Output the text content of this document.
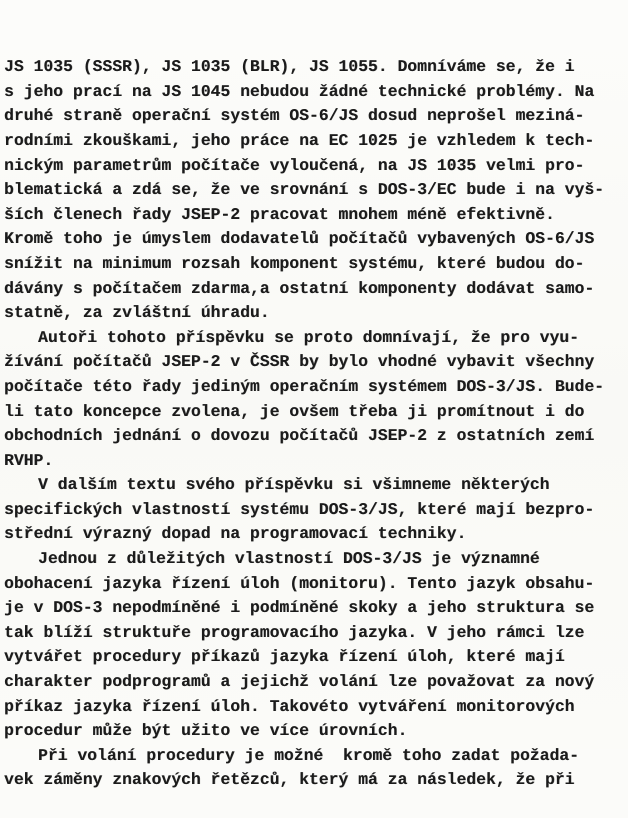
JS 1035 (SSSR), JS 1035 (BLR), JS 1055. Domníváme se, že i
s jeho prací na JS 1045 nebudou žádné technické problémy. Na
druhé straně operační systém OS-6/JS dosud neprošel meziná-
rodními zkouškami, jeho práce na EC 1025 je vzhledem k tech-
nickým parametrům počítače vyloučená, na JS 1035 velmi pro-
blematická a zdá se, že ve srovnání s DOS-3/EC bude i na vyš-
ších členech řady JSEP-2 pracovat mnohem méně efektivně.
Kromě toho je úmyslem dodavatelů počítačů vybavených OS-6/JS
snížit na minimum rozsah komponent systému, které budou do-
dávány s počítačem zdarma,a ostatní komponenty dodávat samo-
statně, za zvláštní úhradu.
Autoři tohoto příspěvku se proto domnívají, že pro vyu-
žívání počítačů JSEP-2 v ČSSR by bylo vhodné vybavit všechny
počítače této řady jediným operačním systémem DOS-3/JS. Bude-
li tato koncepce zvolena, je ovšem třeba ji promítnout i do
obchodních jednání o dovozu počítačů JSEP-2 z ostatních zemí
RVHP.
V dalším textu svého příspěvku si všimneme některých
specifických vlastností systému DOS-3/JS, které mají bezpro-
střední výrazný dopad na programovací techniky.
Jednou z důležitých vlastností DOS-3/JS je významné
obohacení jazyka řízení úloh (monitoru). Tento jazyk obsahu-
je v DOS-3 nepodmíněné i podmíněné skoky a jeho struktura se
tak blíží struktuře programovacího jazyka. V jeho rámci lze
vytvářet procedury příkazů jazyka řízení úloh, které mají
charakter podprogramů a jejichž volání lze považovat za nový
příkaz jazyka řízení úloh. Takovéto vytváření monitorových
procedur může být užito ve více úrovních.
Při volání procedury je možné  kromě toho zadat požada-
vek záměny znakových řetězců, který má za následek, že při
